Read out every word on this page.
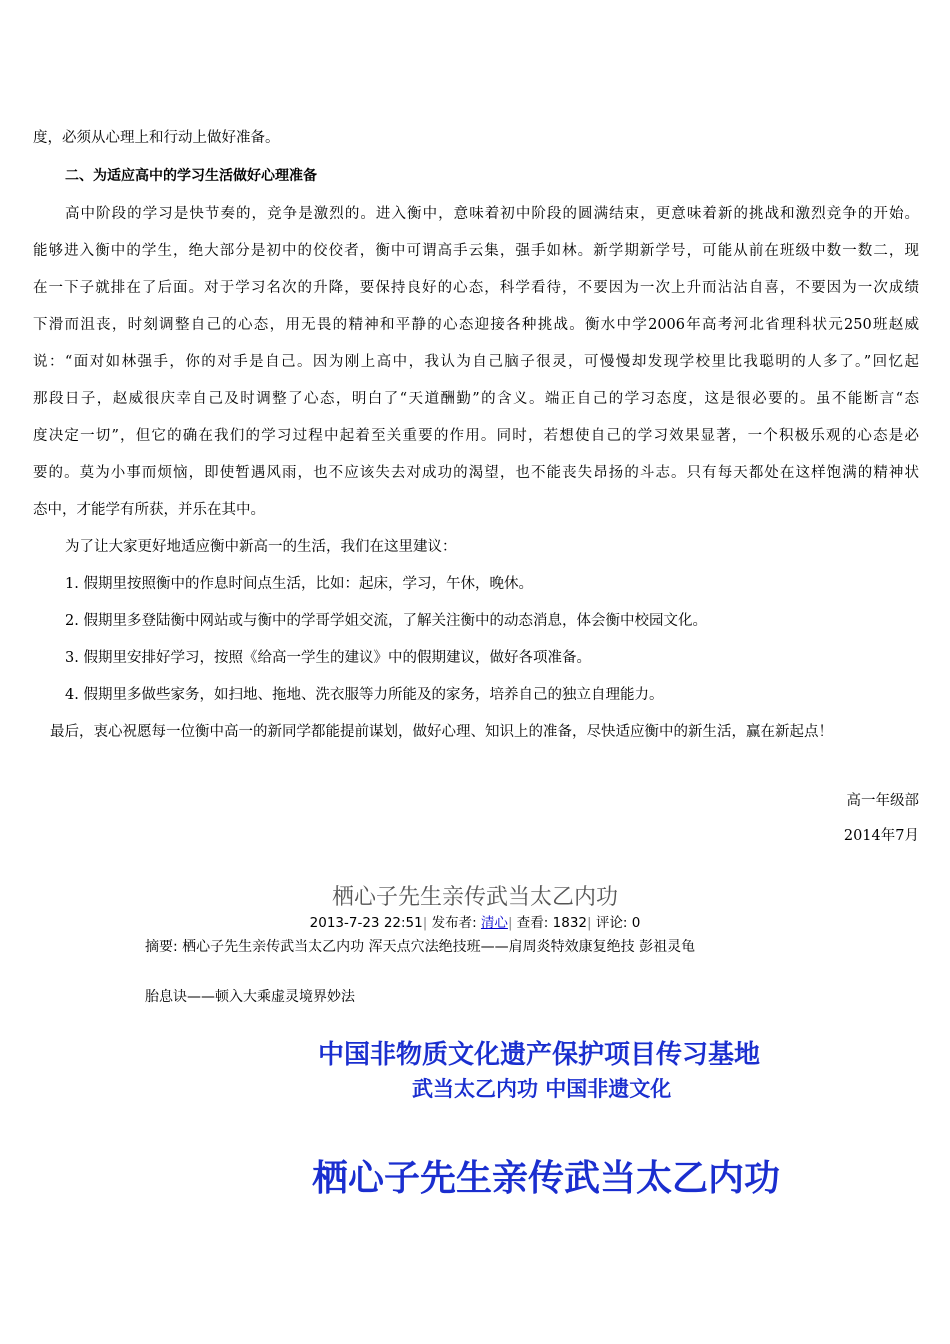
度，必须从心理上和行动上做好准备。
二、为适应高中的学习生活做好心理准备
高中阶段的学习是快节奏的，竞争是激烈的。进入衡中，意味着初中阶段的圆满结束，更意味着新的挑战和激烈竞争的开始。
能够进入衡中的学生，绝大部分是初中的佼佼者，衡中可谓高手云集，强手如林。新学期新学号，可能从前在班级中数一数二，现
在一下子就排在了后面。对于学习名次的升降，要保持良好的心态，科学看待，不要因为一次上升而沾沾自喜，不要因为一次成绩
下滑而沮丧，时刻调整自己的心态，用无畏的精神和平静的心态迎接各种挑战。衡水中学2006年高考河北省理科状元250班赵威
说：“面对如林强手，你的对手是自己。因为刚上高中，我认为自己脑子很灵，可慢慢却发现学校里比我聪明的人多了。”回忆起
那段日子，赵威很庆幸自己及时调整了心态，明白了“天道酬勤”的含义。端正自己的学习态度，这是很必要的。虽不能断言“态
度决定一切”，但它的确在我们的学习过程中起着至关重要的作用。同时，若想使自己的学习效果显著，一个积极乐观的心态是必
要的。莫为小事而烦恼，即使暂遇风雨，也不应该失去对成功的渴望，也不能丧失昂扬的斗志。只有每天都处在这样饱满的精神状
态中，才能学有所获，并乐在其中。
为了让大家更好地适应衡中新高一的生活，我们在这里建议：
1. 假期里按照衡中的作息时间点生活，比如：起床，学习，午休，晚休。
2. 假期里多登陆衡中网站或与衡中的学哥学姐交流，了解关注衡中的动态消息，体会衡中校园文化。
3. 假期里安排好学习，按照《给高一学生的建议》中的假期建议，做好各项准备。
4. 假期里多做些家务，如扫地、拖地、洗衣服等力所能及的家务，培养自己的独立自理能力。
最后，衷心祝愿每一位衡中高一的新同学都能提前谋划，做好心理、知识上的准备，尽快适应衡中的新生活，赢在新起点！
高一年级部
2014年7月
栖心子先生亲传武当太乙内功
2013-7-23 22:51| 发布者: 清心| 查看: 1832| 评论: 0
摘要: 栖心子先生亲传武当太乙内功 浑天点穴法绝技班——肩周炎特效康复绝技 彭祖灵龟
胎息诀——顿入大乘虚灵境界妙法
中国非物质文化遗产保护项目传习基地
武当太乙内功 中国非遗文化
栖心子先生亲传武当太乙内功
